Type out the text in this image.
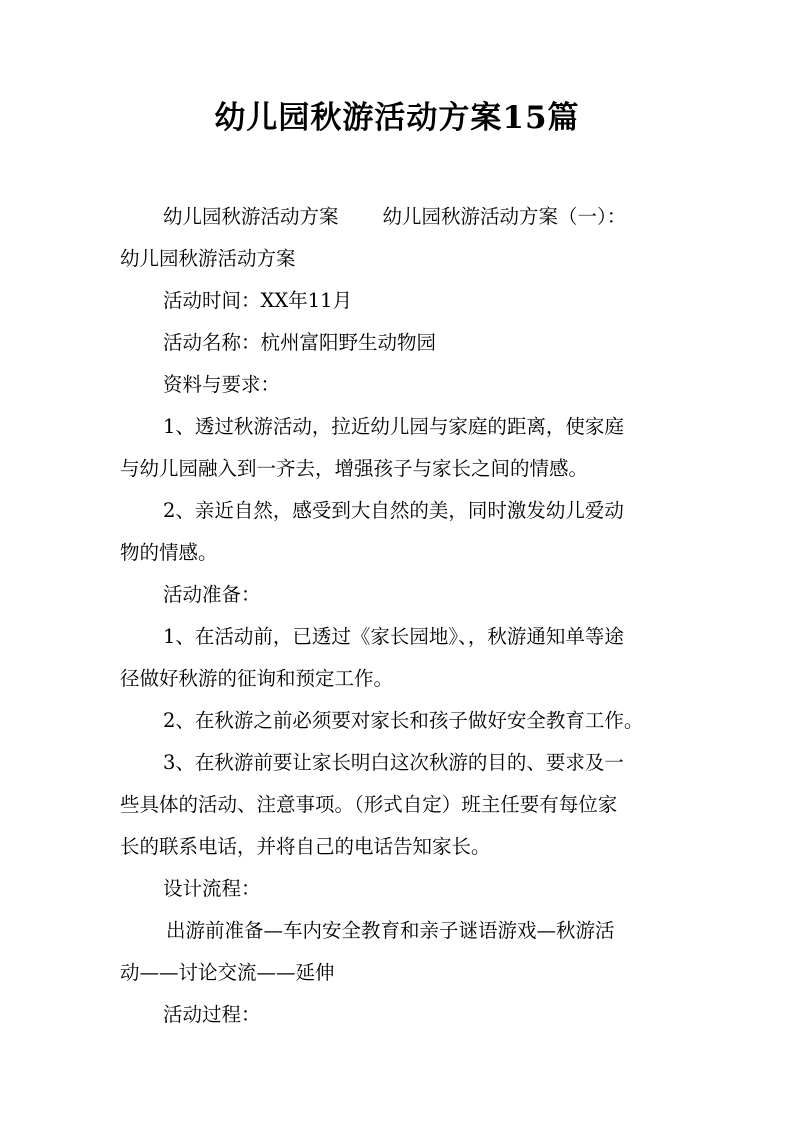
幼儿园秋游活动方案15篇
幼儿园秋游活动方案 幼儿园秋游活动方案（一）：
幼儿园秋游活动方案
活动时间：XX年11月
活动名称：杭州富阳野生动物园
资料与要求：
1、透过秋游活动，拉近幼儿园与家庭的距离，使家庭
与幼儿园融入到一齐去，增强孩子与家长之间的情感。
2、亲近自然，感受到大自然的美，同时激发幼儿爱动
物的情感。
活动准备：
1、在活动前，已透过《家长园地》、，秋游通知单等途
径做好秋游的征询和预定工作。
2、在秋游之前必须要对家长和孩子做好安全教育工作。
3、在秋游前要让家长明白这次秋游的目的、要求及一
些具体的活动、注意事项。（形式自定）班主任要有每位家
长的联系电话，并将自己的电话告知家长。
设计流程：
出游前准备—车内安全教育和亲子谜语游戏—秋游活
动——讨论交流——延伸
活动过程：
